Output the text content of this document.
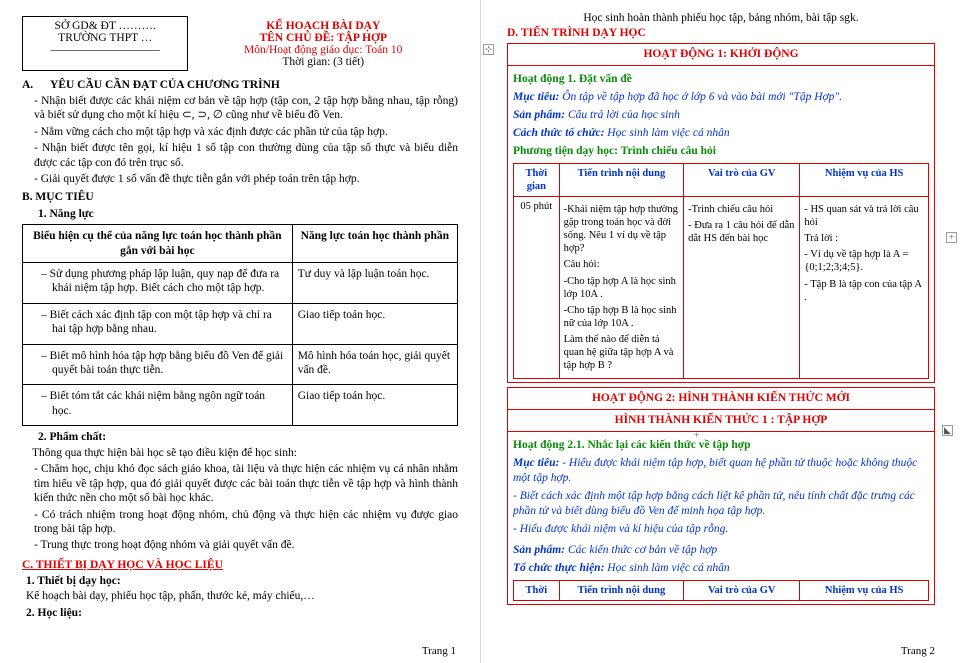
SỞ GD& ĐT ……….
TRƯỜNG THPT …
–––––––––––––––––––

KẾ HOẠCH BÀI DẠY
TÊN CHỦ ĐỀ: TẬP HỢP
Môn/Hoạt động giáo dục: Toán 10
Thời gian: (3 tiết)
A. YÊU CẦU CẦN ĐẠT CỦA CHƯƠNG TRÌNH
- Nhận biết được các khái niệm cơ bản về tập hợp (tập con, 2 tập hợp bằng nhau, tập rỗng) và biết sử dụng cho một kí hiệu ⊂, ⊃, ∅ cũng như về biểu đồ Ven.
- Nắm vững cách cho một tập hợp và xác định được các phần tử của tập hợp.
- Nhận biết được tên gọi, kí hiệu 1 số tập con thường dùng của tập số thực và biểu diễn được các tập con đó trên trục số.
- Giải quyết được 1 số vấn đề thực tiễn gắn với phép toán trên tập hợp.
B. MỤC TIÊU
1. Năng lực
Biểu hiện cụ thể của năng lực toán học thành phần gắn với bài học	Năng lực toán học thành phần

– Sử dụng phương pháp lập luận, quy nạp để đưa ra khái niệm tập hợp. Biết cách cho một tập hợp.
	Tư duy và lập luận toán học.

– Biết cách xác định tập con một tập hợp và chỉ ra hai tập hợp bằng nhau.
	Giao tiếp toán học.

– Biết mô hình hóa tập hợp bằng biểu đồ Ven để giải quyết bài toán thực tiễn.
	Mô hình hóa toán học, giải quyết vấn đề.

– Biết tóm tắt các khái niệm bằng ngôn ngữ toán học.
	Giao tiếp toán học.
2. Phẩm chất:
Thông qua thực hiện bài học sẽ tạo điều kiện để học sinh:
- Chăm học, chịu khó đọc sách giáo khoa, tài liệu và thực hiện các nhiệm vụ cá nhân nhằm tìm hiểu về tập hợp, qua đó giải quyết được các bài toán thực tiễn về tập hợp và hình thành kiến thức nền cho một số bài học khác.
- Có trách nhiệm trong hoạt động nhóm, chủ động và thực hiện các nhiệm vụ được giao trong bài tập hợp.
- Trung thực trong hoạt động nhóm và giải quyết vấn đề.
C. THIẾT BỊ DẠY HỌC VÀ HỌC LIỆU
1. Thiết bị dạy học:
Kế hoạch bài dạy, phiếu học tập, phấn, thước kẻ, máy chiếu,…
2. Học liệu:
Trang 1
⊹
+
+	◣
Học sinh hoàn thành phiếu học tập, bảng nhóm, bài tập sgk.
D. TIẾN TRÌNH DẠY HỌC
HOẠT ĐỘNG 1: KHỞI ĐỘNG

Hoạt động 1. Đặt vấn đề
Mục tiêu: Ôn tập về tập hợp đã học ở lớp 6 và vào bài mới "Tập Hợp".
Sản phẩm: Câu trả lời của học sinh
Cách thức tổ chức: Học sinh làm việc cá nhân
Phương tiện dạy học: Trình chiếu câu hỏi
Thời gian	Tiến trình nội dung	Vai trò của GV	Nhiệm vụ của HS
05 phút	-Khái niệm tập hợp thường gặp trong toán học và đời sống. Nêu 1 ví dụ về tập hợp?
Câu hỏi:
-Cho tập hợp A là học sinh lớp 10A .
-Cho tập hợp B là học sinh nữ của lớp 10A .
Làm thế nào để diễn tả quan hệ giữa tập hợp A và tập hợp B ?

-Trình chiếu câu hỏi
- Đưa ra 1 câu hỏi để dẫn dắt HS đến bài học

- HS quan sát và trả lời câu hỏi
Trả lời :
- Ví dụ về tập hợp là A = {0;1;2;3;4;5}.
- Tập B là tập con của tập A .
HOẠT ĐỘNG 2: HÌNH THÀNH KIẾN THỨC MỚI
HÌNH THÀNH KIẾN THỨC 1 : TẬP HỢP

Hoạt động 2.1. Nhắc lại các kiến thức về tập hợp
Mục tiêu: - Hiểu được khái niệm tập hợp, biết quan hệ phần tử thuộc hoặc không thuộc một tập hợp.
- Biết cách xác định một tập hợp bằng cách liệt kê phần tử, nêu tính chất đặc trưng các phần tử và biết dùng biểu đồ Ven để minh họa tập hợp.
- Hiểu được khái niệm và kí hiệu của tập rỗng.
Sản phẩm: Các kiến thức cơ bản về tập hợp
Tổ chức thực hiện: Học sinh làm việc cá nhân
Thời	Tiến trình nội dung	Vai trò của GV	Nhiệm vụ của HS
Trang 2
